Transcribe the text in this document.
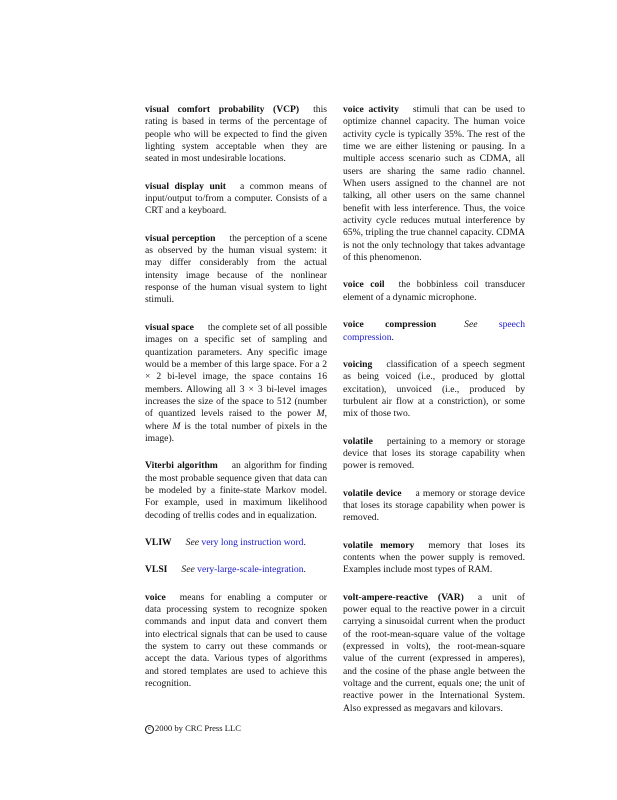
visual comfort probability (VCP) this rating is based in terms of the percentage of people who will be expected to find the given lighting system acceptable when they are seated in most undesirable locations.

visual display unit a common means of input/output to/from a computer. Consists of a CRT and a keyboard.

visual perception the perception of a scene as observed by the human visual system: it may differ considerably from the actual intensity image because of the nonlinear response of the human visual system to light stimuli.

visual space the complete set of all possible images on a specific set of sampling and quantization parameters. Any specific image would be a member of this large space. For a 2 × 2 bi-level image, the space contains 16 members. Allowing all 3 × 3 bi-level images increases the size of the space to 512 (number of quantized levels raised to the power M, where M is the total number of pixels in the image).

Viterbi algorithm an algorithm for finding the most probable sequence given that data can be modeled by a finite-state Markov model. For example, used in maximum likelihood decoding of trellis codes and in equalization.

VLIW See very long instruction word.

VLSI See very-large-scale-integration.

voice means for enabling a computer or data processing system to recognize spoken commands and input data and convert them into electrical signals that can be used to cause the system to carry out these commands or accept the data. Various types of algorithms and stored templates are used to achieve this recognition.

voice activity stimuli that can be used to optimize channel capacity. The human voice activity cycle is typically 35%. The rest of the time we are either listening or pausing. In a multiple access scenario such as CDMA, all users are sharing the same radio channel. When users assigned to the channel are not talking, all other users on the same channel benefit with less interference. Thus, the voice activity cycle reduces mutual interference by 65%, tripling the true channel capacity. CDMA is not the only technology that takes advantage of this phenomenon.

voice coil the bobbinless coil transducer element of a dynamic microphone.

voice compression	See speech compression.

voicing classification of a speech segment as being voiced (i.e., produced by glottal excitation), unvoiced (i.e., produced by turbulent air flow at a constriction), or some mix of those two.

volatile pertaining to a memory or storage device that loses its storage capability when power is removed.

volatile device a memory or storage device that loses its storage capability when power is removed.

volatile memory memory that loses its contents when the power supply is removed. Examples include most types of RAM.

volt-ampere-reactive (VAR) a unit of power equal to the reactive power in a circuit carrying a sinusoidal current when the product of the root-mean-square value of the voltage (expressed in volts), the root-mean-square value of the current (expressed in amperes), and the cosine of the phase angle between the voltage and the current, equals one; the unit of reactive power in the International System. Also expressed as megavars and kilovars.

c 2000 by CRC Press LLC
